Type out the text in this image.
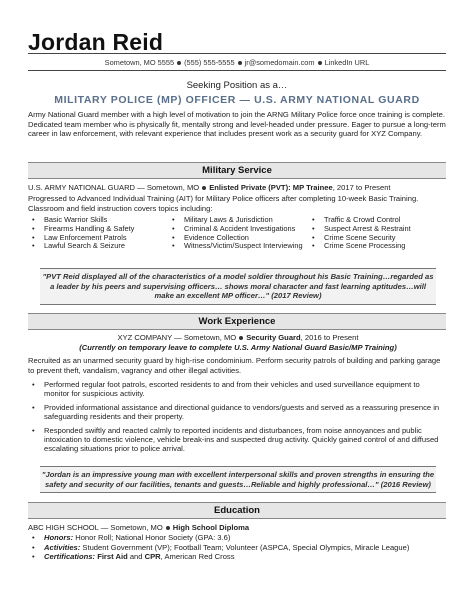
Jordan Reid
Sometown, MO 5555 (555) 555-5555 jr@somedomain.com LinkedIn URL
Seeking Position as a…
MILITARY POLICE (MP) OFFICER — U.S. ARMY NATIONAL GUARD
Army National Guard member with a high level of motivation to join the ARNG Military Police force once training is complete. Dedicated team member who is physically fit, mentally strong and level-headed under pressure. Eager to pursue a long-term career in law enforcement, with relevant experience that includes present work as a security guard for XYZ Company.
Military Service
U.S. ARMY NATIONAL GUARD — Sometown, MO Enlisted Private (PVT): MP Trainee, 2017 to Present
Progressed to Advanced Individual Training (AIT) for Military Police officers after completing 10-week Basic Training. Classroom and field instruction covers topics including:
• Basic Warrior Skills	• Military Laws & Jurisdiction	• Traffic & Crowd Control
• Firearms Handling & Safety	• Criminal & Accident Investigations	• Suspect Arrest & Restraint
• Law Enforcement Patrols	• Evidence Collection	• Crime Scene Security
• Lawful Search & Seizure	• Witness/Victim/Suspect Interviewing	• Crime Scene Processing
"PVT Reid displayed all of the characteristics of a model soldier throughout his Basic Training…regarded as a leader by his peers and supervising officers… shows moral character and fast learning aptitudes…will make an excellent MP officer…" (2017 Review)
Work Experience
XYZ COMPANY — Sometown, MO Security Guard, 2016 to Present
(Currently on temporary leave to complete U.S. Army National Guard Basic/MP Training)
Recruited as an unarmed security guard by high-rise condominium. Perform security patrols of building and parking garage to prevent theft, vandalism, vagrancy and other illegal activities.
•	Performed regular foot patrols, escorted residents to and from their vehicles and used surveillance equipment to monitor for suspicious activity.
•	Provided informational assistance and directional guidance to vendors/guests and served as a reassuring presence in safeguarding residents and their property.
•	Responded swiftly and reacted calmly to reported incidents and disturbances, from noise annoyances and public intoxication to domestic violence, vehicle break-ins and suspected drug activity. Quickly gained control of and diffused escalating situations prior to police arrival.
"Jordan is an impressive young man with excellent interpersonal skills and proven strengths in ensuring the safety and security of our facilities, tenants and guests…Reliable and highly professional…" (2016 Review)
Education
ABC HIGH SCHOOL — Sometown, MO High School Diploma
•	Honors: Honor Roll; National Honor Society (GPA: 3.6)
•	Activities: Student Government (VP); Football Team; Volunteer (ASPCA, Special Olympics, Miracle League)
•	Certifications: First Aid and CPR, American Red Cross
